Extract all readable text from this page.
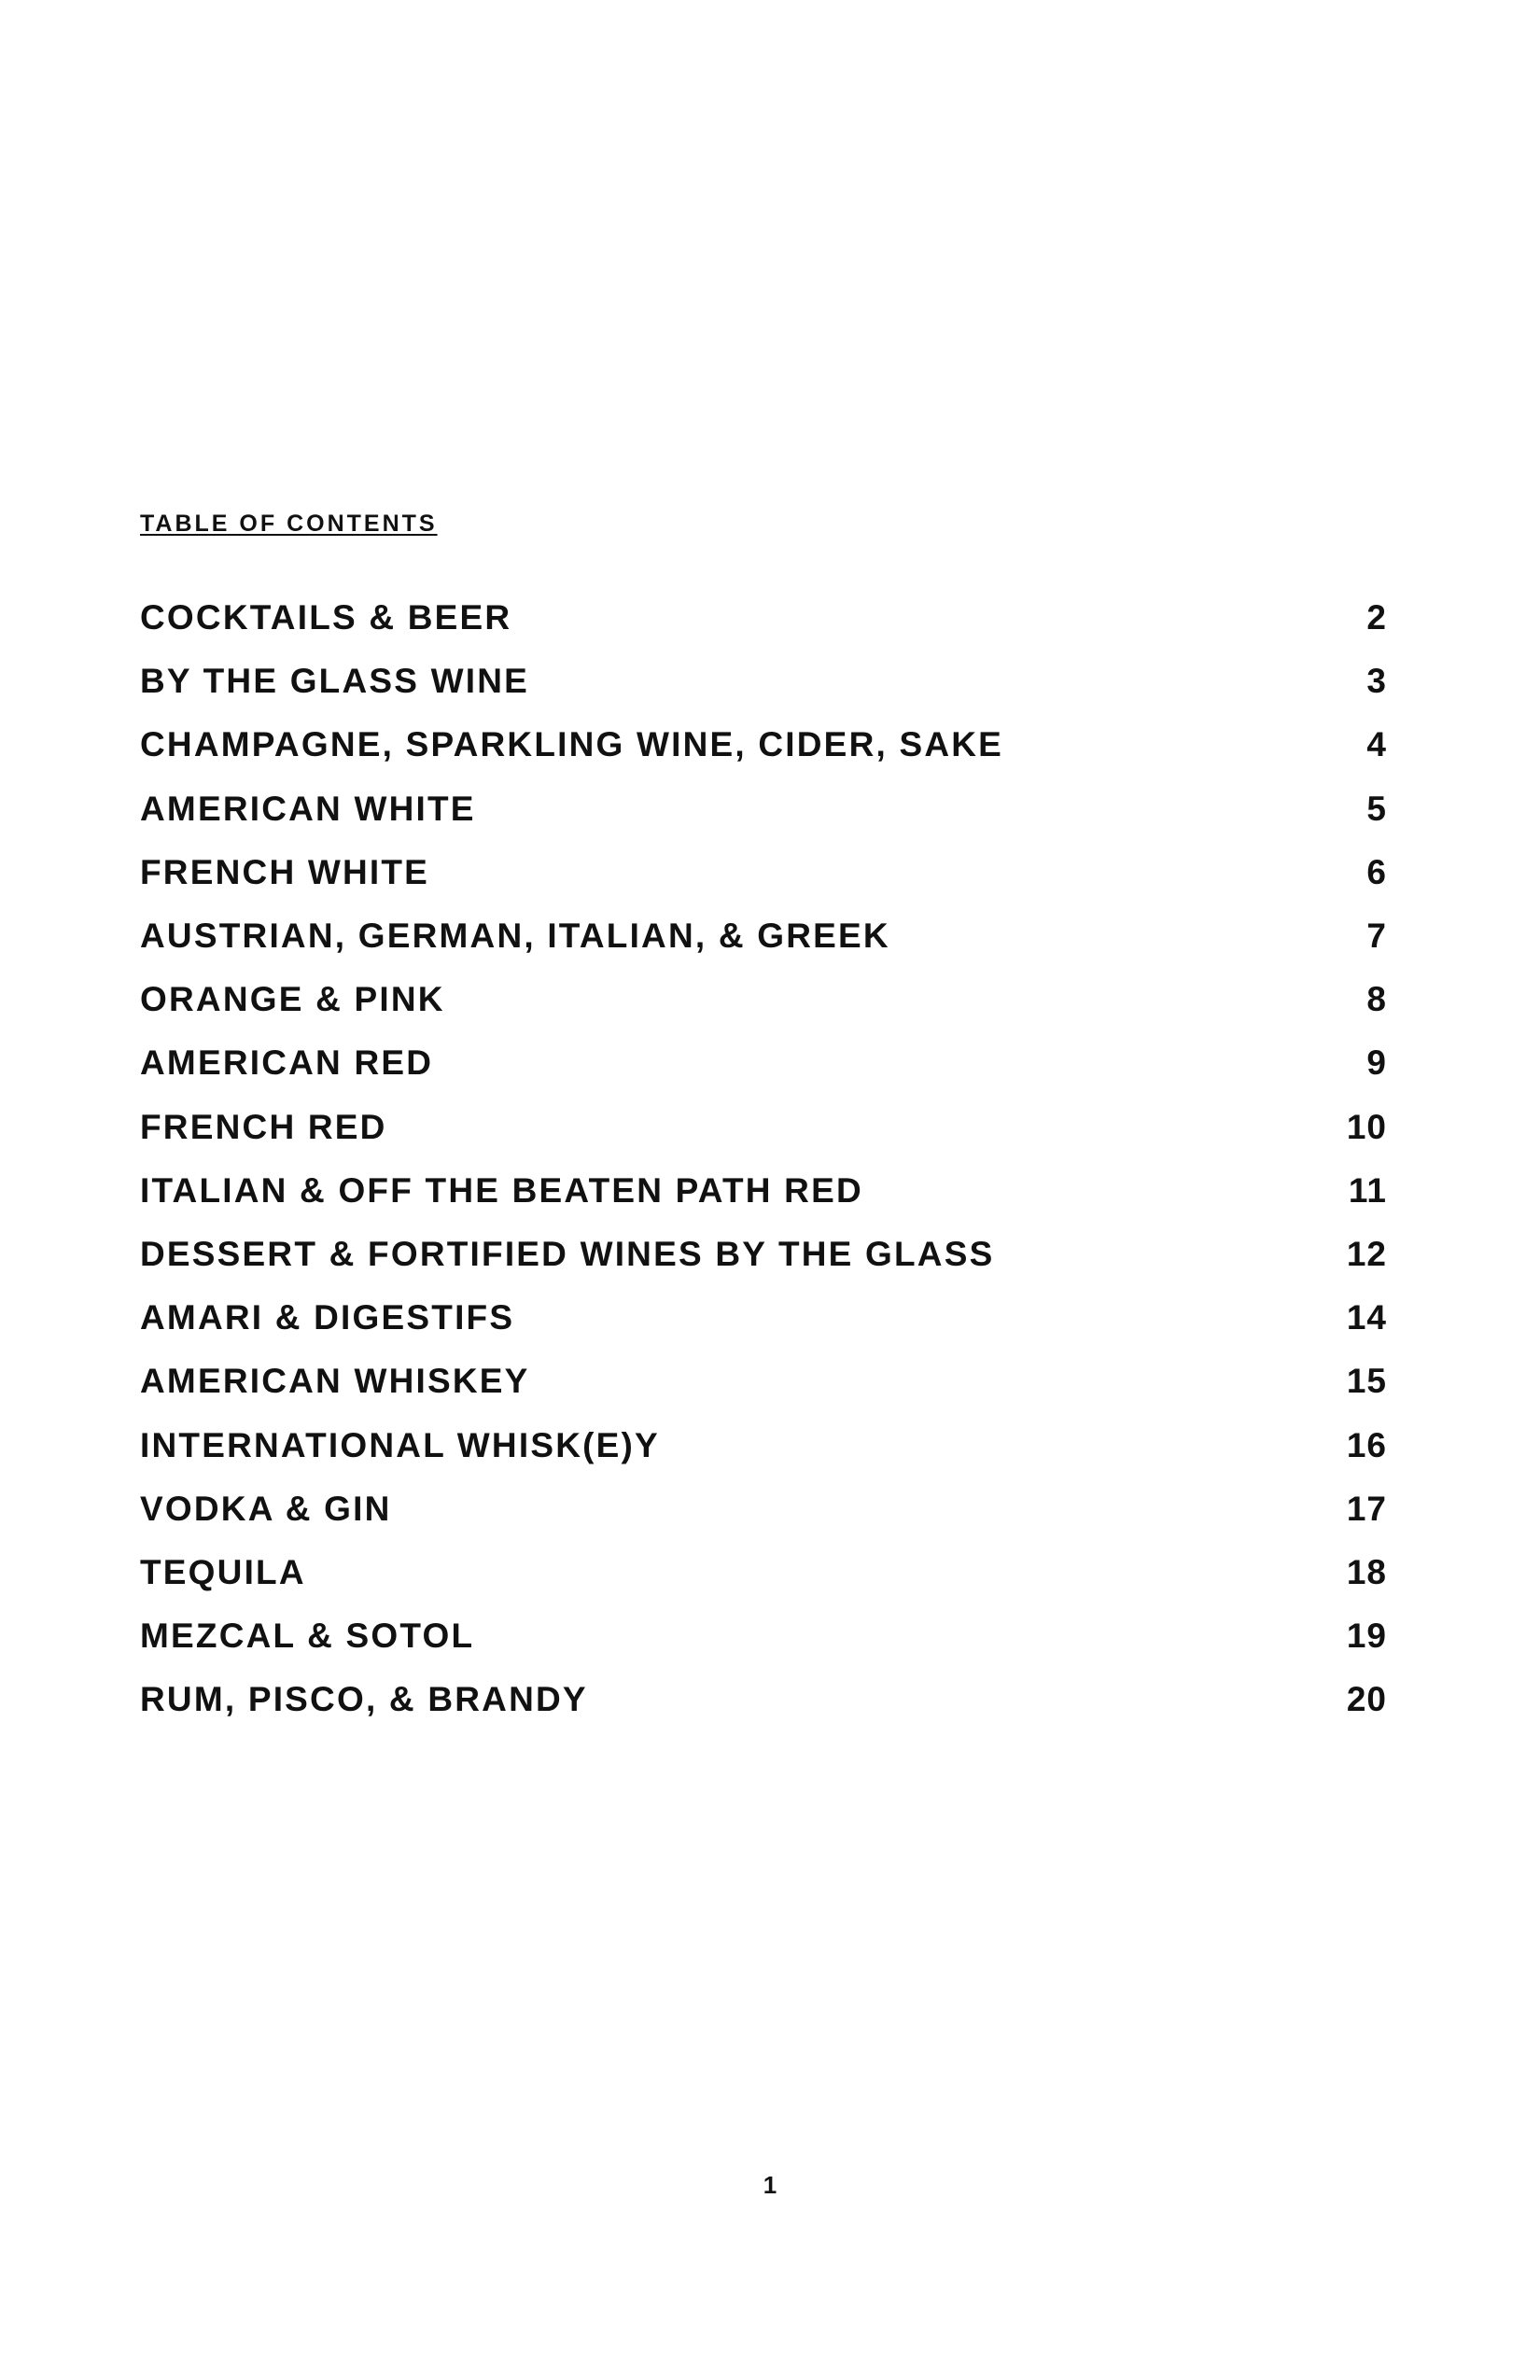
TABLE OF CONTENTS
COCKTAILS & BEER	2
BY THE GLASS WINE	3
CHAMPAGNE, SPARKLING WINE, CIDER, SAKE	4
AMERICAN WHITE	5
FRENCH WHITE	6
AUSTRIAN, GERMAN, ITALIAN, & GREEK	7
ORANGE & PINK	8
AMERICAN RED	9
FRENCH RED	10
ITALIAN & OFF THE BEATEN PATH RED	11
DESSERT & FORTIFIED WINES BY THE GLASS	12
AMARI & DIGESTIFS	14
AMERICAN WHISKEY	15
INTERNATIONAL WHISK(E)Y	16
VODKA & GIN	17
TEQUILA	18
MEZCAL & SOTOL	19
RUM, PISCO, & BRANDY	20
1
